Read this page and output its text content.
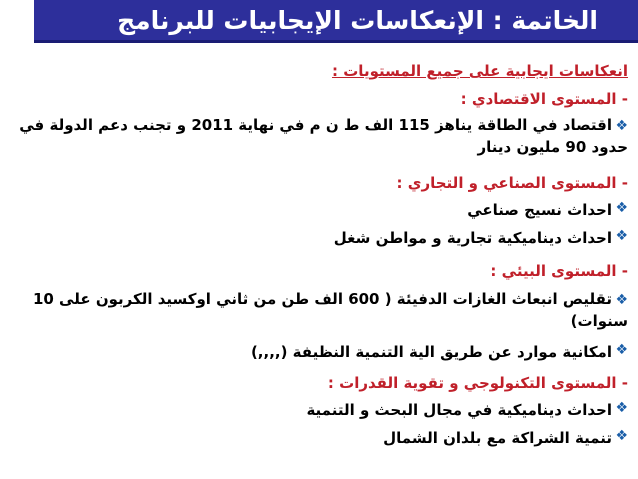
الخاتمة : الإنعكاسات الإيجابيات للبرنامج
انعكاسات ايجابية على جميع المستويات :
- المستوى الاقتصادي :
❖اقتصاد في الطاقة يناهز 115 الف ط ن م في نهاية 2011 و تجنب دعم الدولة في حدود 90 مليون دينار
- المستوى الصناعي و التجاري :
❖احداث نسيج صناعي
❖احداث ديناميكية تجارية و مواطن شغل
- المستوى البيئي :
❖تقليص انبعاث الغازات الدفيئة ( 600 الف طن من ثاني اوكسيد الكربون على 10 سنوات)
❖امكانية موارد عن طريق الية التنمية النظيفة (,,,,)
- المستوى التكنولوجي و تقوية القدرات :
❖احداث ديناميكية في مجال البحث و التنمية
❖تنمية الشراكة مع بلدان الشمال
